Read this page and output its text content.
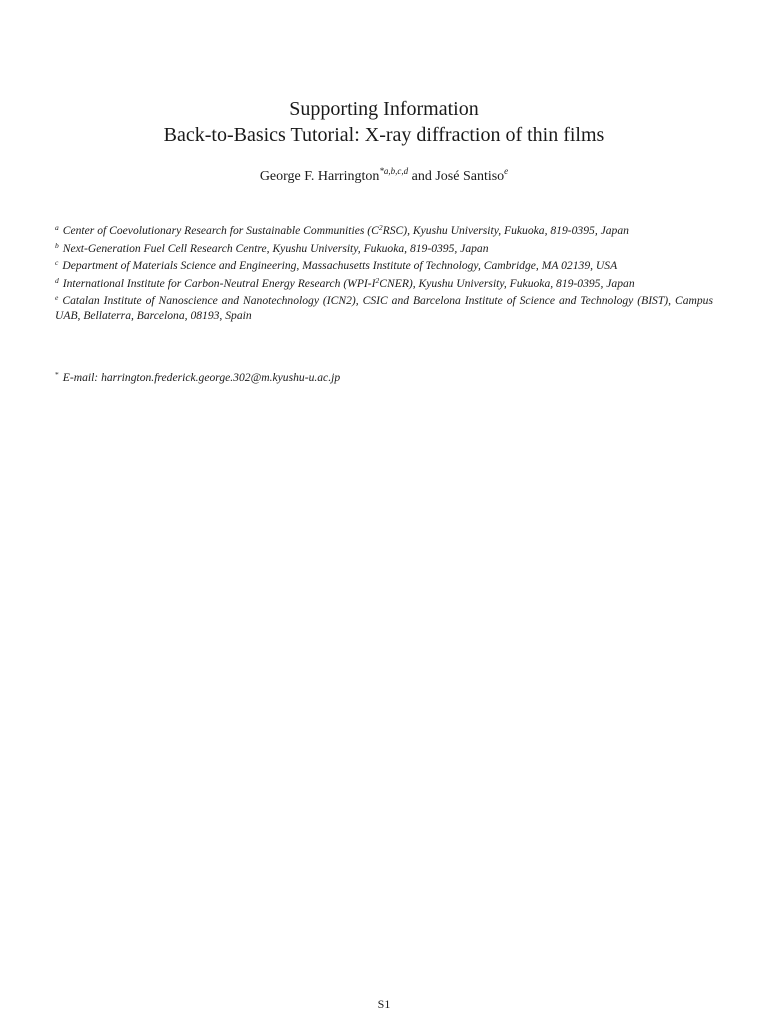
Supporting Information

Back-to-Basics Tutorial: X-ray diffraction of thin films

George F. Harrington$^{*a,b,c,d}$ and José Santiso$^e$

$^a$ Center of Coevolutionary Research for Sustainable Communities $(C^2RSC)$, Kyushu University, Fukuoka, 819-0395, Japan

$^b$ Next-Generation Fuel Cell Research Centre, Kyushu University, Fukuoka, 819-0395, Japan

$^c$ Department of Materials Science and Engineering, Massachusetts Institute of Technology, Cambridge, MA 02139, USA

$^d$ International Institute for Carbon-Neutral Energy Research $(WPI-I^2CNER)$, Kyushu University, Fukuoka, 819-0395, Japan

$^e$ Catalan Institute of Nanoscience and Nanotechnology (ICN2), CSIC and Barcelona Institute of Science and Technology (BIST), Campus UAB, Bellaterra, Barcelona, 08193, Spain

* E-mail: harrington.frederick.george.302@m.kyushu-u.ac.jp
S1
